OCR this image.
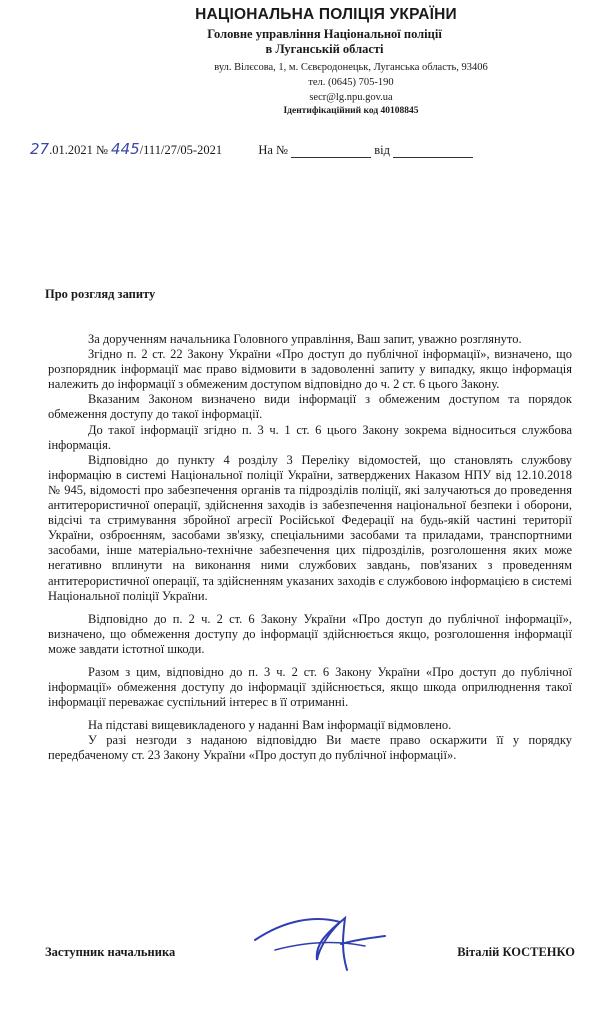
НАЦІОНАЛЬНА ПОЛІЦІЯ УКРАЇНИ
Головне управління Національної поліції
в Луганській області
вул. Вілєсова, 1, м. Сєвєродонецьк, Луганська область, 93406
тел. (0645) 705-190
secr@lg.npu.gov.ua
Ідентифікаційний код 40108845
27.01.2021 № 445/111/27/05-2021	На №	від
Про розгляд запиту

За дорученням начальника Головного управління, Ваш запит, уважно розглянуто.

Згідно п. 2 ст. 22 Закону України «Про доступ до публічної інформації», визначено, що розпорядник інформації має право відмовити в задоволенні запиту у випадку, якщо інформація належить до інформації з обмеженим доступом відповідно до ч. 2 ст. 6 цього Закону.

Вказаним Законом визначено види інформації з обмеженим доступом та порядок обмеження доступу до такої інформації.

До такої інформації згідно п. 3 ч. 1 ст. 6 цього Закону зокрема відноситься службова інформація.

Відповідно до пункту 4 розділу 3 Переліку відомостей, що становлять службову інформацію в системі Національної поліції України, затверджених Наказом НПУ від 12.10.2018 № 945, відомості про забезпечення органів та підрозділів поліції, які залучаються до проведення антитерористичної операції, здійснення заходів із забезпечення національної безпеки і оборони, відсічі та стримування збройної агресії Російської Федерації на будь-якій частині території України, озброєнням, засобами зв'язку, спеціальними засобами та приладами, транспортними засобами, інше матеріально-технічне забезпечення цих підрозділів, розголошення яких може негативно вплинути на виконання ними службових завдань, пов'язаних з проведенням антитерористичної операції, та здійсненням указаних заходів є службовою інформацією в системі Національної поліції України.

Відповідно до п. 2 ч. 2 ст. 6 Закону України «Про доступ до публічної інформації», визначено, що обмеження доступу до інформації здійснюється якщо, розголошення інформації може завдати істотної шкоди.

Разом з цим, відповідно до п. 3 ч. 2 ст. 6 Закону України «Про доступ до публічної інформації» обмеження доступу до інформації здійснюється, якщо шкода оприлюднення такої інформації переважає суспільний інтерес в її отриманні.

На підставі вищевикладеного у наданні Вам інформації відмовлено.

У разі незгоди з наданою відповіддю Ви маєте право оскаржити її у порядку передбаченому ст. 23 Закону України «Про доступ до публічної інформації».

Заступник начальника	Віталій КОСТЕНКО
